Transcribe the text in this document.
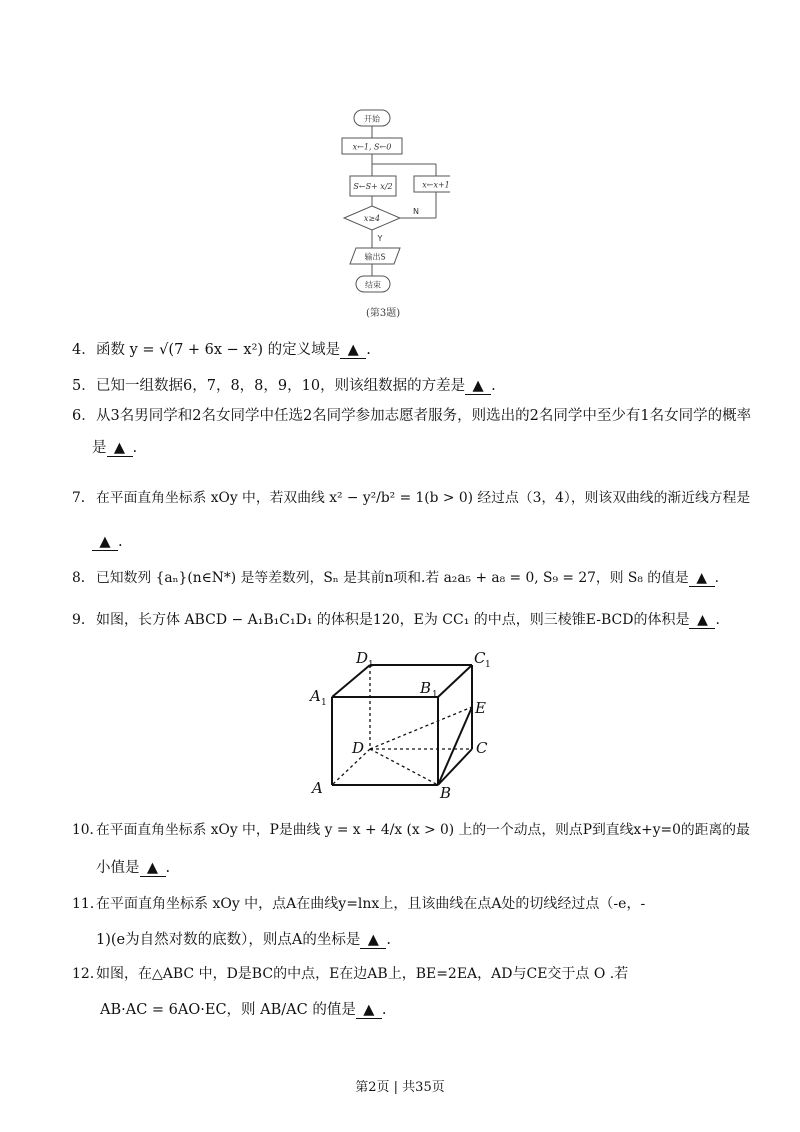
开始
x←1, S←0
S←S+ x/2	x←x+1
x≥4
N
Y
输出S
结束
(第3题)
4．函数 y = √(7 + 6x − x²) 的定义域是 ▲ .
5．已知一组数据6，7，8，8，9，10，则该组数据的方差是 ▲ .
6．从3名男同学和2名女同学中任选2名同学参加志愿者服务，则选出的2名同学中至少有1名女同学的概率
是 ▲ .
7．在平面直角坐标系 xOy 中，若双曲线 x² − y²/b² = 1(b > 0) 经过点（3，4），则该双曲线的渐近线方程是
▲ .
8．已知数列 {aₙ}(n∈N*) 是等差数列，Sₙ 是其前n项和.若 a₂a₅ + a₈ = 0, S₉ = 27，则 S₈ 的值是 ▲ .
9．如图，长方体 ABCD − A₁B₁C₁D₁ 的体积是120，E为 CC₁ 的中点，则三棱锥E-BCD的体积是 ▲ .
D 1	C 1
A 1
B 1
E
D	C
A	B
10．在平面直角坐标系 xOy 中，P是曲线 y = x + 4/x (x > 0) 上的一个动点，则点P到直线x+y=0的距离的最
小值是 ▲ .
11．在平面直角坐标系 xOy 中，点A在曲线y=lnx上，且该曲线在点A处的切线经过点（-e，-
1)(e为自然对数的底数），则点A的坐标是 ▲ .
12．如图，在△ABC 中，D是BC的中点，E在边AB上，BE=2EA，AD与CE交于点 O .若
AB·AC = 6AO·EC，则 AB/AC 的值是 ▲ .
第2页 | 共35页
